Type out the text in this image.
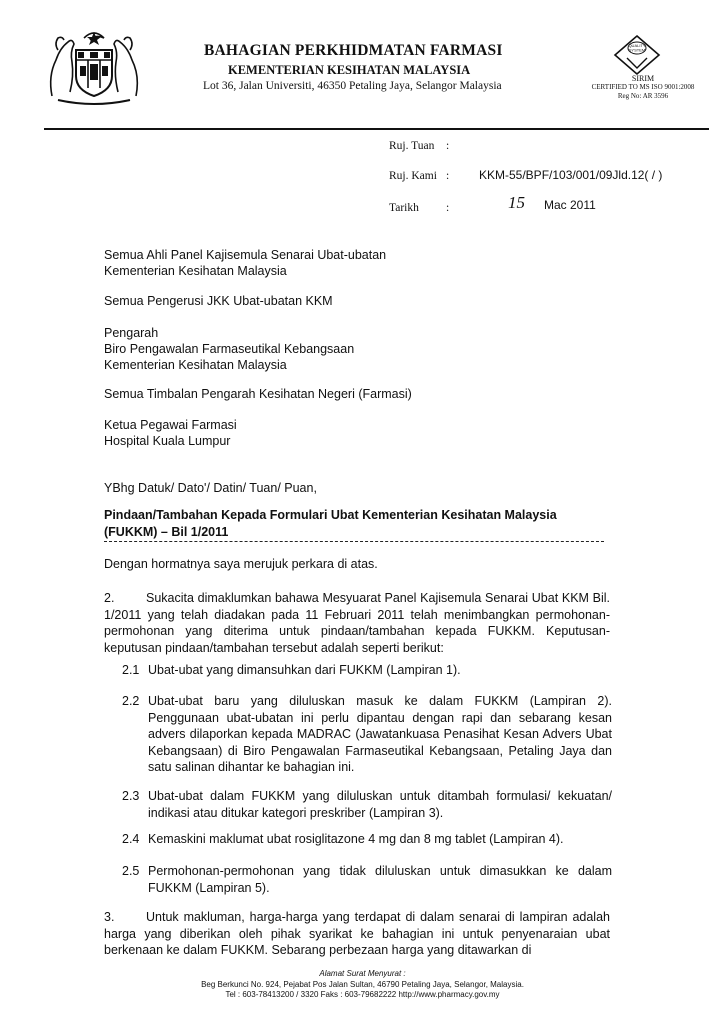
BAHAGIAN PERKHIDMATAN FARMASI
KEMENTERIAN KESIHATAN MALAYSIA
Lot 36, Jalan Universiti, 46350 Petaling Jaya, Selangor Malaysia
QUALITY
SYSTEM
SIRIM
CERTIFIED TO MS ISO 9001:2008
Reg No: AR 3596
Ruj. Tuan :
Ruj. Kami : KKM-55/BPF/103/001/09Jld.12( / )
Tarikh :	15 Mac 2011
Semua Ahli Panel Kajisemula Senarai Ubat-ubatan
Kementerian Kesihatan Malaysia
Semua Pengerusi JKK Ubat-ubatan KKM
Pengarah
Biro Pengawalan Farmaseutikal Kebangsaan
Kementerian Kesihatan Malaysia
Semua Timbalan Pengarah Kesihatan Negeri (Farmasi)
Ketua Pegawai Farmasi
Hospital Kuala Lumpur
YBhg Datuk/ Dato'/ Datin/ Tuan/ Puan,
Pindaan/Tambahan Kepada Formulari Ubat Kementerian Kesihatan Malaysia
(FUKKM) – Bil 1/2011
Dengan hormatnya saya merujuk perkara di atas.
2.	Sukacita dimaklumkan bahawa Mesyuarat Panel Kajisemula Senarai Ubat KKM Bil. 1/2011 yang telah diadakan pada 11 Februari 2011 telah menimbangkan permohonan-permohonan yang diterima untuk pindaan/tambahan kepada FUKKM. Keputusan-keputusan pindaan/tambahan tersebut adalah seperti berikut:
2.1 Ubat-ubat yang dimansuhkan dari FUKKM (Lampiran 1).
2.2 Ubat-ubat baru yang diluluskan masuk ke dalam FUKKM (Lampiran 2). Penggunaan ubat-ubatan ini perlu dipantau dengan rapi dan sebarang kesan advers dilaporkan kepada MADRAC (Jawatankuasa Penasihat Kesan Advers Ubat Kebangsaan) di Biro Pengawalan Farmaseutikal Kebangsaan, Petaling Jaya dan satu salinan dihantar ke bahagian ini.
2.3 Ubat-ubat dalam FUKKM yang diluluskan untuk ditambah formulasi/ kekuatan/ indikasi atau ditukar kategori preskriber (Lampiran 3).
2.4 Kemaskini maklumat ubat rosiglitazone 4 mg dan 8 mg tablet (Lampiran 4).
2.5 Permohonan-permohonan yang tidak diluluskan untuk dimasukkan ke dalam FUKKM (Lampiran 5).
3.	Untuk makluman, harga-harga yang terdapat di dalam senarai di lampiran adalah harga yang diberikan oleh pihak syarikat ke bahagian ini untuk penyenaraian ubat berkenaan ke dalam FUKKM. Sebarang perbezaan harga yang ditawarkan di
Alamat Surat Menyurat :
Beg Berkunci No. 924, Pejabat Pos Jalan Sultan, 46790 Petaling Jaya, Selangor, Malaysia.
Tel : 603-78413200 / 3320 Faks : 603-79682222 http://www.pharmacy.gov.my
